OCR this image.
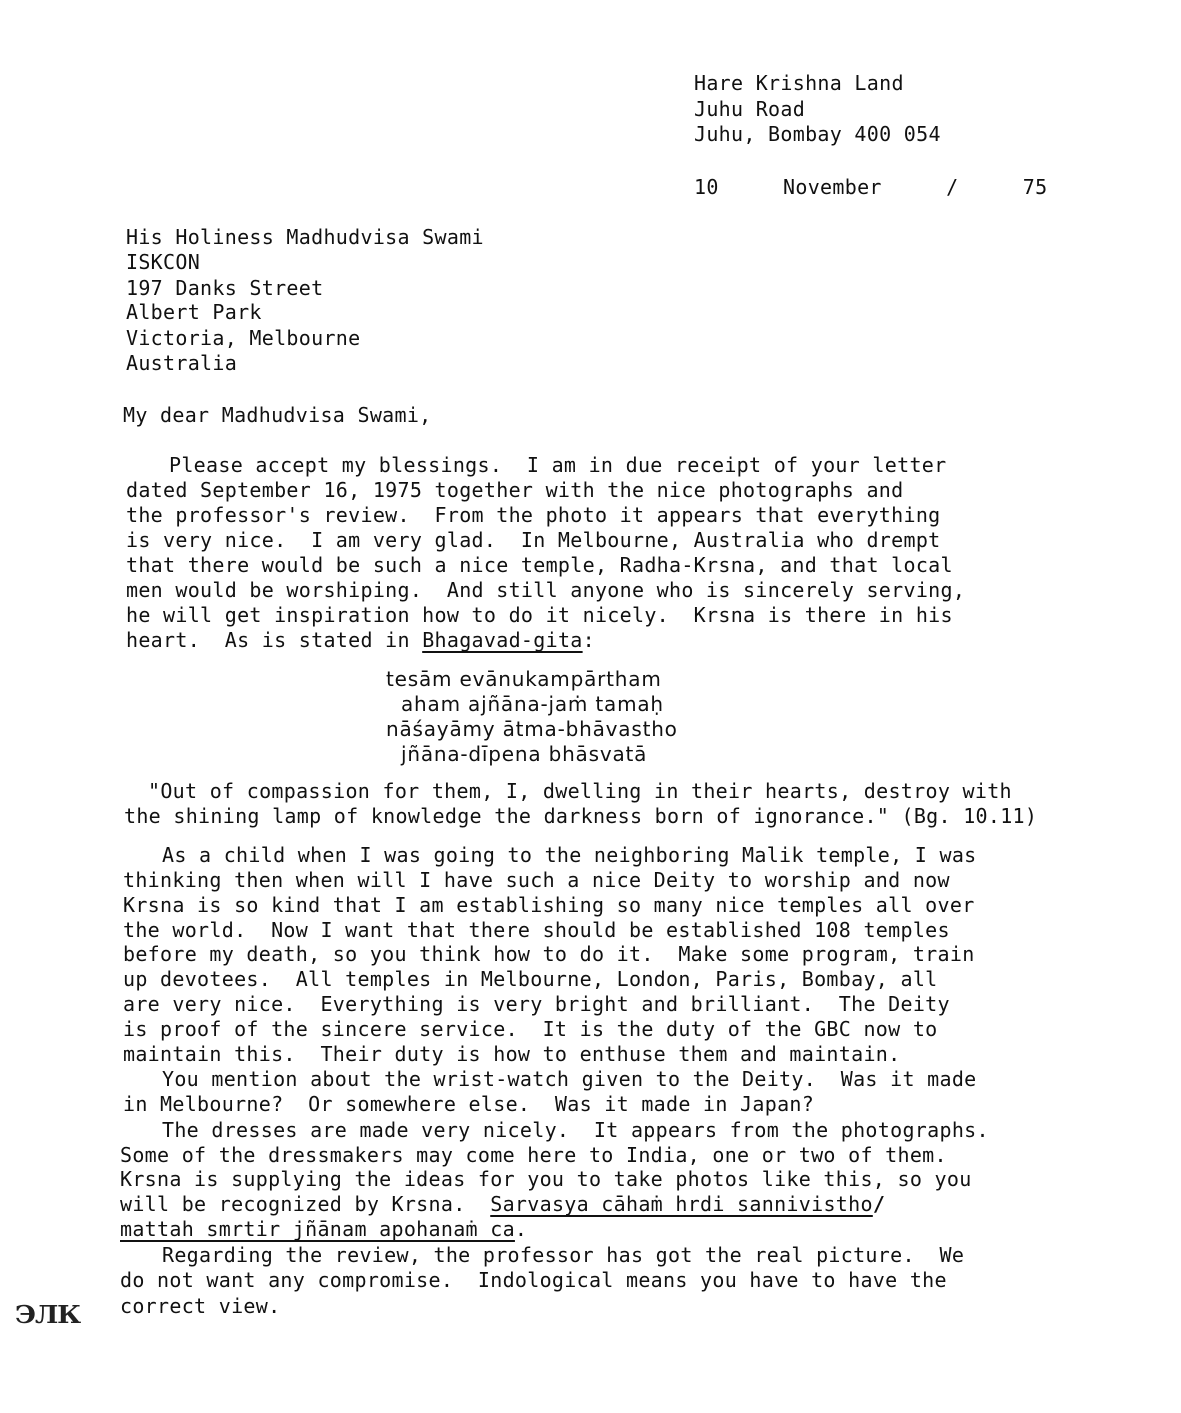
Hare Krishna Land
Juhu Road
Juhu, Bombay 400 054
10 November / 75
His Holiness Madhudvisa Swami
ISKCON
197 Danks Street
Albert Park
Victoria, Melbourne
Australia
My dear Madhudvisa Swami,
Please accept my blessings.  I am in due receipt of your letter
dated September 16, 1975 together with the nice photographs and
the professor's review.  From the photo it appears that everything
is very nice.  I am very glad.  In Melbourne, Australia who drempt
that there would be such a nice temple, Radha-Krsna, and that local
men would be worshiping.  And still anyone who is sincerely serving,
he will get inspiration how to do it nicely.  Krsna is there in his
heart.  As is stated in Bhagavad-gita:
tesām evānukampārtham
aham ajñāna-jaṁ tamaḥ
nāśayāmy ātma-bhāvastho
jñāna-dīpena bhāsvatā
"Out of compassion for them, I, dwelling in their hearts, destroy with
the shining lamp of knowledge the darkness born of ignorance." (Bg. 10.11)
As a child when I was going to the neighboring Malik temple, I was
thinking then when will I have such a nice Deity to worship and now
Krsna is so kind that I am establishing so many nice temples all over
the world.  Now I want that there should be established 108 temples
before my death, so you think how to do it.  Make some program, train
up devotees.  All temples in Melbourne, London, Paris, Bombay, all
are very nice.  Everything is very bright and brilliant.  The Deity
is proof of the sincere service.  It is the duty of the GBC now to
maintain this.  Their duty is how to enthuse them and maintain.
You mention about the wrist-watch given to the Deity.  Was it made
in Melbourne?  Or somewhere else.  Was it made in Japan?
The dresses are made very nicely.  It appears from the photographs.
Some of the dressmakers may come here to India, one or two of them.
Krsna is supplying the ideas for you to take photos like this, so you
will be recognized by Krsna.  Sarvasya cāhaṁ hrdi sannivistho/
mattah smrtir jñānam apohanaṁ ca.
Regarding the review, the professor has got the real picture.  We
do not want any compromise.  Indological means you have to have the
correct view.
ЭЛК
